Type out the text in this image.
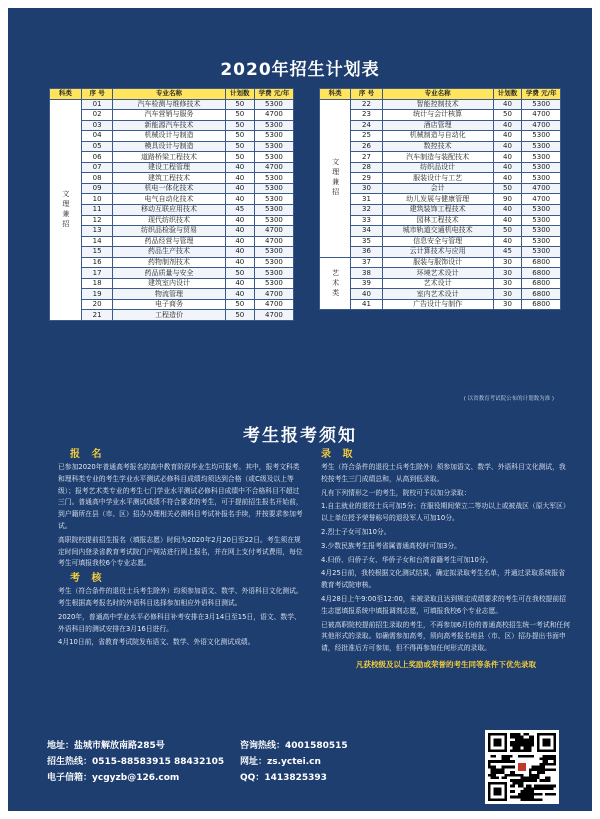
2020年招生计划表
科类	序 号	专业名称	计划数	学费 元/年
文理兼招	01	汽车检测与维修技术	50	5300
	02	汽车营销与服务	50	4700
	03	新能源汽车技术	50	5300
	04	机械设计与制造	50	5300
	05	模具设计与制造	50	5300
	06	道路桥梁工程技术	50	5300
	07	建设工程管理	40	4700
	08	建筑工程技术	40	5300
	09	机电一体化技术	40	5300
	10	电气自动化技术	40	5300
	11	移动互联应用技术	45	5300
	12	现代纺织技术	40	5300
	13	纺织品检验与贸易	40	4700
	14	药品经营与管理	40	4700
	15	药品生产技术	40	5300
	16	药物制剂技术	40	5300
	17	药品质量与安全	50	5300
	18	建筑室内设计	40	5300
	19	物流管理	40	4700
	20	电子商务	50	4700
	21	工程造价	50	4700
科类	序 号	专业名称	计划数	学费 元/年
文理兼招	22	智能控制技术	40	5300
	23	统计与会计核算	50	4700
	24	酒店管理	40	4700
	25	机械制造与自动化	40	5300
	26	数控技术	40	5300
	27	汽车制造与装配技术	40	5300
	28	纺织品设计	40	5300
	29	服装设计与工艺	40	5300
	30	会计	50	4700
	31	幼儿发展与健康管理	90	4700
	32	建筑装饰工程技术	40	5300
	33	园林工程技术	40	5300
	34	城市轨道交通机电技术	50	5300
	35	信息安全与管理	40	5300
	36	云计算技术与应用	45	5300
艺术类	37	服装与服饰设计	30	6800
	38	环境艺术设计	30	6800
	39	艺术设计	30	6800
	40	室内艺术设计	30	6800
	41	广告设计与制作	30	6800
( 以省教育考试院公布的计划数为准 )
考生报考须知
报 名

已参加2020年普通高考报名的高中教育阶段毕业生均可报考。其中，报考文科类和理科类专业的考生学业水平测试必修科目成绩均须达到合格（或C级及以上等级）；报考艺术类专业的考生七门学业水平测试必修科目成绩中不合格科目不超过三门。普通高中学业水平测试成绩不符合要求的考生，可于提前招生报名开始前，到户籍所在县（市、区）招办办理相关必测科目考试补报名手续，并按要求参加考试。

高职院校提前招生报名（填报志愿）时间为2020年2月20日至22日。考生须在规定时间内登录省教育考试院门户网站进行网上报名，并在网上支付考试费用，每位考生可填报我校6个专业志愿。

考 核

考生（符合条件的退役士兵考生除外）均须参加语文、数学、外语科目文化测试。考生根据高考报名时的外语科目选择参加相应外语科目测试。

2020年，普通高中学业水平必修科目补考安排在3月14日至15日，语文、数学、外语科目的测试安排在3月16日进行。

4月10日前，省教育考试院发布语文、数学、外语文化测试成绩。

录 取

考生（符合条件的退役士兵考生除外）须参加语文、数学、外语科目文化测试，我校按考生三门成绩总和，从高到低录取。

凡有下列情形之一的考生，院校可予以加分录取：

1.自主就业的退役士兵可加5分；在服役期间荣立二等功以上或被战区（原大军区）以上单位授予荣誉称号的退役军人可加10分。

2.烈士子女可加10分。

3.少数民族考生报考省属普通高校时可加3分。

4.归侨、归侨子女、华侨子女和台湾省籍考生可加10分。

4月25日前，我校根据文化测试结果，确定拟录取考生名单，并通过录取系统报省教育考试院审核。

4月28日上午9:00至12:00，未被录取且达到规定成绩要求的考生可在我校提前招生志愿填报系统中填报调剂志愿，可填报我校6个专业志愿。

已被高职院校提前招生录取的考生，不再参加6月份的普通高校招生统一考试和任何其他形式的录取。如确需参加高考，须向高考报名地县（市、区）招办提出书面申请，经批准后方可参加，但不得再参加任何形式的录取。

凡获校级及以上奖励或荣誉的考生同等条件下优先录取
地址：盐城市解放南路285号	咨询热线：4001580515
招生热线：0515-88583915 88432105	网址：zs.yctei.cn
电子信箱：ycgyzb@126.com	QQ：1413825393
